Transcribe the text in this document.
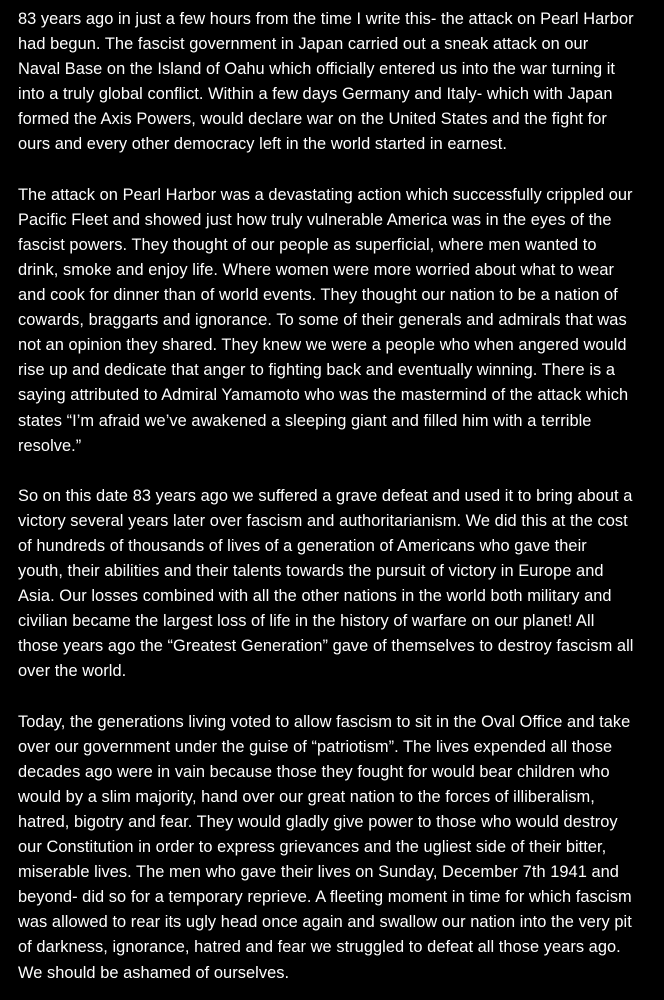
83 years ago in just a few hours from the time I write this- the attack on Pearl Harbor
had begun. The fascist government in Japan carried out a sneak attack on our
Naval Base on the Island of Oahu which officially entered us into the war turning it
into a truly global conflict. Within a few days Germany and Italy- which with Japan
formed the Axis Powers, would declare war on the United States and the fight for
ours and every other democracy left in the world started in earnest.

The attack on Pearl Harbor was a devastating action which successfully crippled our
Pacific Fleet and showed just how truly vulnerable America was in the eyes of the
fascist powers. They thought of our people as superficial, where men wanted to
drink, smoke and enjoy life. Where women were more worried about what to wear
and cook for dinner than of world events. They thought our nation to be a nation of
cowards, braggarts and ignorance. To some of their generals and admirals that was
not an opinion they shared. They knew we were a people who when angered would
rise up and dedicate that anger to fighting back and eventually winning. There is a
saying attributed to Admiral Yamamoto who was the mastermind of the attack which
states “I’m afraid we’ve awakened a sleeping giant and filled him with a terrible
resolve.”

So on this date 83 years ago we suffered a grave defeat and used it to bring about a
victory several years later over fascism and authoritarianism. We did this at the cost
of hundreds of thousands of lives of a generation of Americans who gave their
youth, their abilities and their talents towards the pursuit of victory in Europe and
Asia. Our losses combined with all the other nations in the world both military and
civilian became the largest loss of life in the history of warfare on our planet! All
those years ago the “Greatest Generation” gave of themselves to destroy fascism all
over the world.

Today, the generations living voted to allow fascism to sit in the Oval Office and take
over our government under the guise of “patriotism”. The lives expended all those
decades ago were in vain because those they fought for would bear children who
would by a slim majority, hand over our great nation to the forces of illiberalism,
hatred, bigotry and fear. They would gladly give power to those who would destroy
our Constitution in order to express grievances and the ugliest side of their bitter,
miserable lives. The men who gave their lives on Sunday, December 7th 1941 and
beyond- did so for a temporary reprieve. A fleeting moment in time for which fascism
was allowed to rear its ugly head once again and swallow our nation into the very pit
of darkness, ignorance, hatred and fear we struggled to defeat all those years ago.
We should be ashamed of ourselves.
